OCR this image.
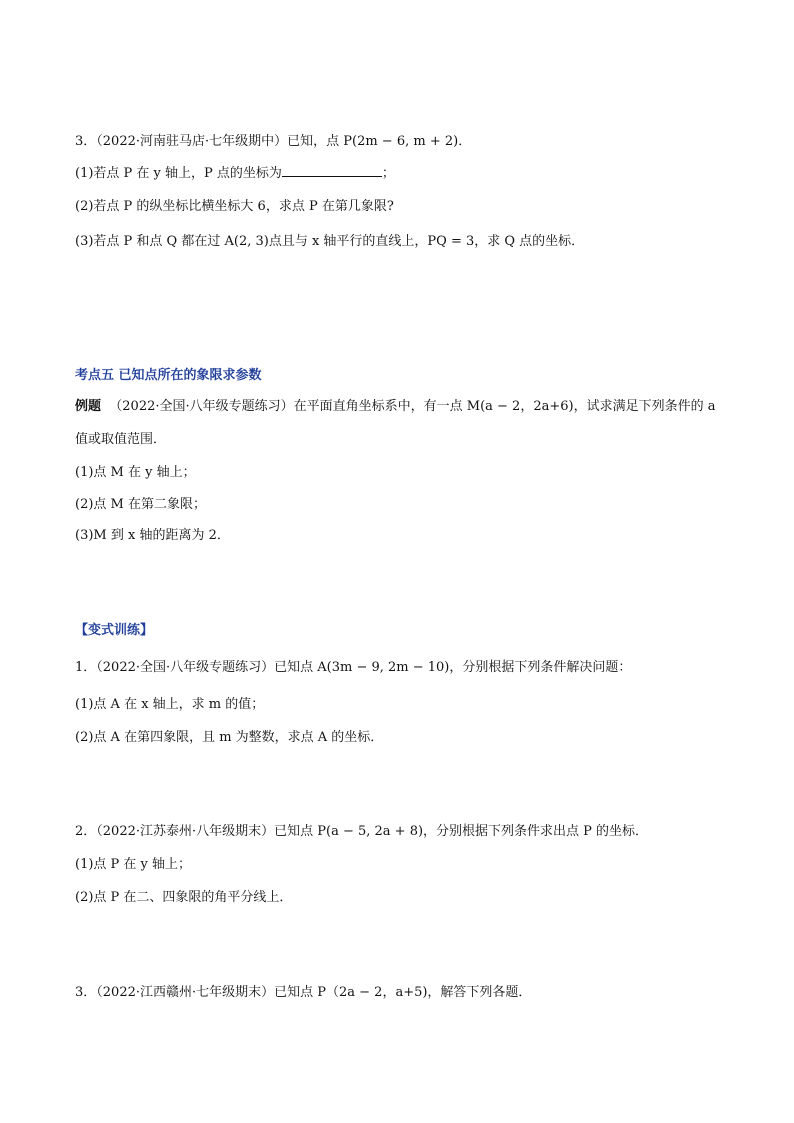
3．（2022·河南驻马店·七年级期中）已知，点 P(2m − 6, m + 2)．
(1)若点 P 在 y 轴上，P 点的坐标为	；
(2)若点 P 的纵坐标比横坐标大 6，求点 P 在第几象限?
(3)若点 P 和点 Q 都在过 A(2, 3)点且与 x 轴平行的直线上，PQ = 3，求 Q 点的坐标．
考点五 已知点所在的象限求参数
例题 （2022·全国·八年级专题练习）在平面直角坐标系中，有一点 M(a − 2，2a+6)，试求满足下列条件的 a
值或取值范围．
(1)点 M 在 y 轴上；
(2)点 M 在第二象限；
(3)M 到 x 轴的距离为 2．
【变式训练】
1．（2022·全国·八年级专题练习）已知点 A(3m − 9, 2m − 10)，分别根据下列条件解决问题：
(1)点 A 在 x 轴上，求 m 的值；
(2)点 A 在第四象限，且 m 为整数，求点 A 的坐标．
2．（2022·江苏泰州·八年级期末）已知点 P(a − 5, 2a + 8)，分别根据下列条件求出点 P 的坐标．
(1)点 P 在 y 轴上；
(2)点 P 在二、四象限的角平分线上．
3．（2022·江西赣州·七年级期末）已知点 P（2a − 2，a+5)，解答下列各题．
